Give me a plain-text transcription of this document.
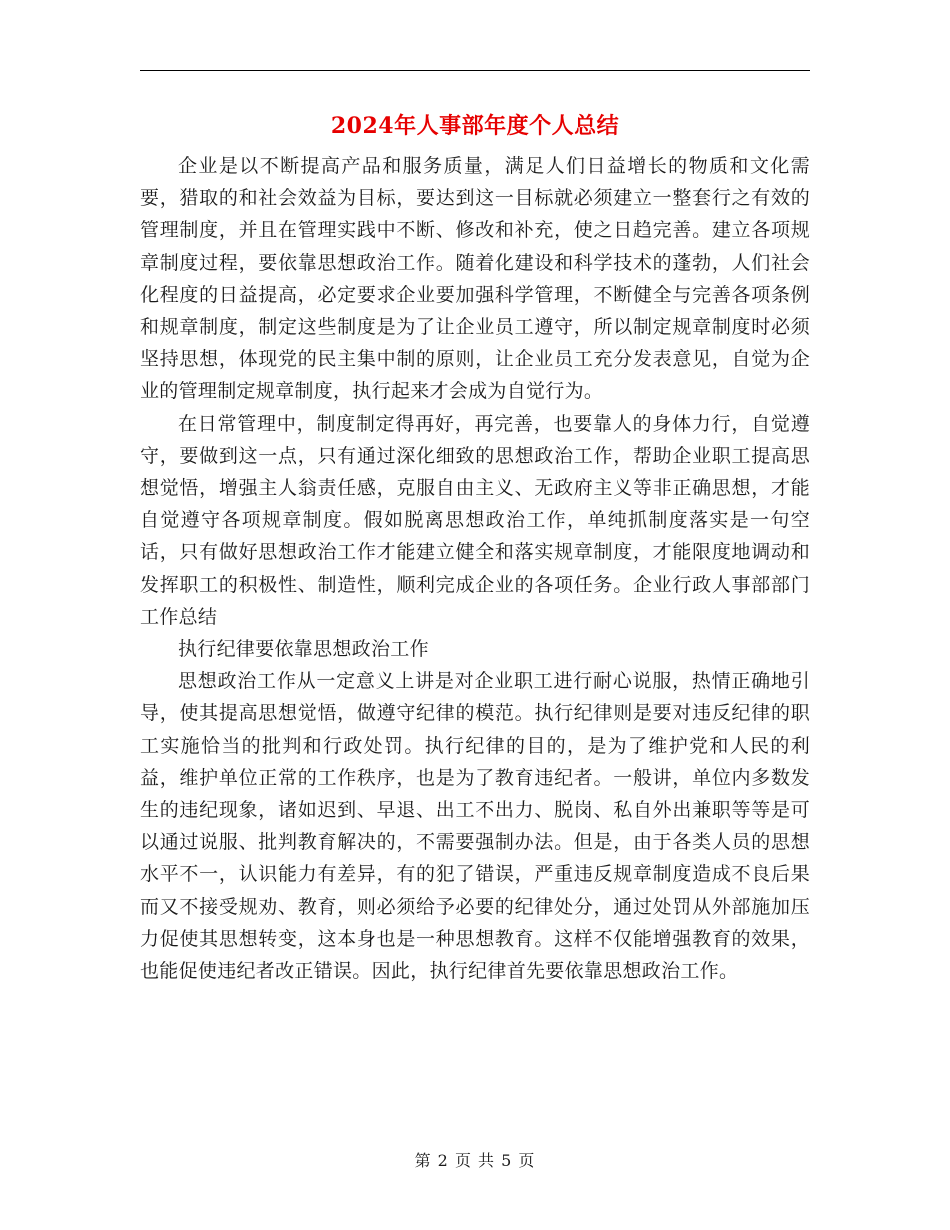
2024年人事部年度个人总结

企业是以不断提高产品和服务质量，满足人们日益增长的物质和文化需要，猎取的和社会效益为目标，要达到这一目标就必须建立一整套行之有效的管理制度，并且在管理实践中不断、修改和补充，使之日趋完善。建立各项规章制度过程，要依靠思想政治工作。随着化建设和科学技术的蓬勃，人们社会化程度的日益提高，必定要求企业要加强科学管理，不断健全与完善各项条例和规章制度，制定这些制度是为了让企业员工遵守，所以制定规章制度时必须坚持思想，体现党的民主集中制的原则，让企业员工充分发表意见，自觉为企业的管理制定规章制度，执行起来才会成为自觉行为。

在日常管理中，制度制定得再好，再完善，也要靠人的身体力行，自觉遵守，要做到这一点，只有通过深化细致的思想政治工作，帮助企业职工提高思想觉悟，增强主人翁责任感，克服自由主义、无政府主义等非正确思想，才能自觉遵守各项规章制度。假如脱离思想政治工作，单纯抓制度落实是一句空话，只有做好思想政治工作才能建立健全和落实规章制度，才能限度地调动和发挥职工的积极性、制造性，顺利完成企业的各项任务。企业行政人事部部门工作总结

执行纪律要依靠思想政治工作

思想政治工作从一定意义上讲是对企业职工进行耐心说服，热情正确地引导，使其提高思想觉悟，做遵守纪律的模范。执行纪律则是要对违反纪律的职工实施恰当的批判和行政处罚。执行纪律的目的，是为了维护党和人民的利益，维护单位正常的工作秩序，也是为了教育违纪者。一般讲，单位内多数发生的违纪现象，诸如迟到、早退、出工不出力、脱岗、私自外出兼职等等是可以通过说服、批判教育解决的，不需要强制办法。但是，由于各类人员的思想水平不一，认识能力有差异，有的犯了错误，严重违反规章制度造成不良后果而又不接受规劝、教育，则必须给予必要的纪律处分，通过处罚从外部施加压力促使其思想转变，这本身也是一种思想教育。这样不仅能增强教育的效果，也能促使违纪者改正错误。因此，执行纪律首先要依靠思想政治工作。

第 2 页 共 5 页
